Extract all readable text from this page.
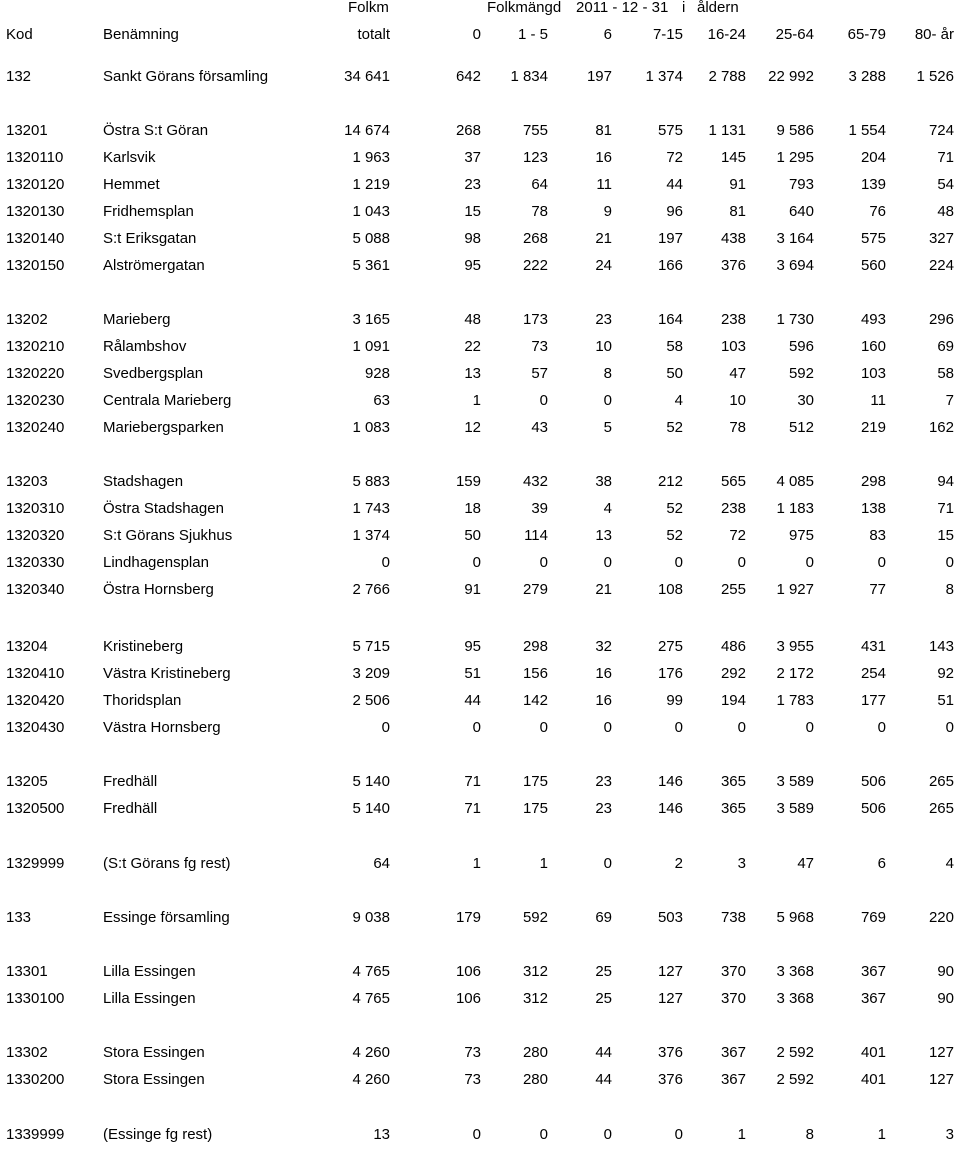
Folkm	Folkmängd 2011 - 12 - 31 i åldern
Kod	Benämning	totalt	0	1 - 5	6	7-15	16-24	25-64	65-79	80- år
132	Sankt Görans församling	34 641	642	1 834	197	1 374	2 788	22 992	3 288	1 526
13201	Östra S:t Göran	14 674	268	755	81	575	1 131	9 586	1 554	724
1320110	Karlsvik	1 963	37	123	16	72	145	1 295	204	71
1320120	Hemmet	1 219	23	64	11	44	91	793	139	54
1320130	Fridhemsplan	1 043	15	78	9	96	81	640	76	48
1320140	S:t Eriksgatan	5 088	98	268	21	197	438	3 164	575	327
1320150	Alströmergatan	5 361	95	222	24	166	376	3 694	560	224
13202	Marieberg	3 165	48	173	23	164	238	1 730	493	296
1320210	Rålambshov	1 091	22	73	10	58	103	596	160	69
1320220	Svedbergsplan	928	13	57	8	50	47	592	103	58
1320230	Centrala Marieberg	63	1	0	0	4	10	30	11	7
1320240	Mariebergsparken	1 083	12	43	5	52	78	512	219	162
13203	Stadshagen	5 883	159	432	38	212	565	4 085	298	94
1320310	Östra Stadshagen	1 743	18	39	4	52	238	1 183	138	71
1320320	S:t Görans Sjukhus	1 374	50	114	13	52	72	975	83	15
1320330	Lindhagensplan	0	0	0	0	0	0	0	0	0
1320340	Östra Hornsberg	2 766	91	279	21	108	255	1 927	77	8
13204	Kristineberg	5 715	95	298	32	275	486	3 955	431	143
1320410	Västra Kristineberg	3 209	51	156	16	176	292	2 172	254	92
1320420	Thoridsplan	2 506	44	142	16	99	194	1 783	177	51
1320430	Västra Hornsberg	0	0	0	0	0	0	0	0	0
13205	Fredhäll	5 140	71	175	23	146	365	3 589	506	265
1320500	Fredhäll	5 140	71	175	23	146	365	3 589	506	265
1329999	(S:t Görans fg rest)	64	1	1	0	2	3	47	6	4
133	Essinge församling	9 038	179	592	69	503	738	5 968	769	220
13301	Lilla Essingen	4 765	106	312	25	127	370	3 368	367	90
1330100	Lilla Essingen	4 765	106	312	25	127	370	3 368	367	90
13302	Stora Essingen	4 260	73	280	44	376	367	2 592	401	127
1330200	Stora Essingen	4 260	73	280	44	376	367	2 592	401	127
1339999	(Essinge fg rest)	13	0	0	0	0	1	8	1	3
